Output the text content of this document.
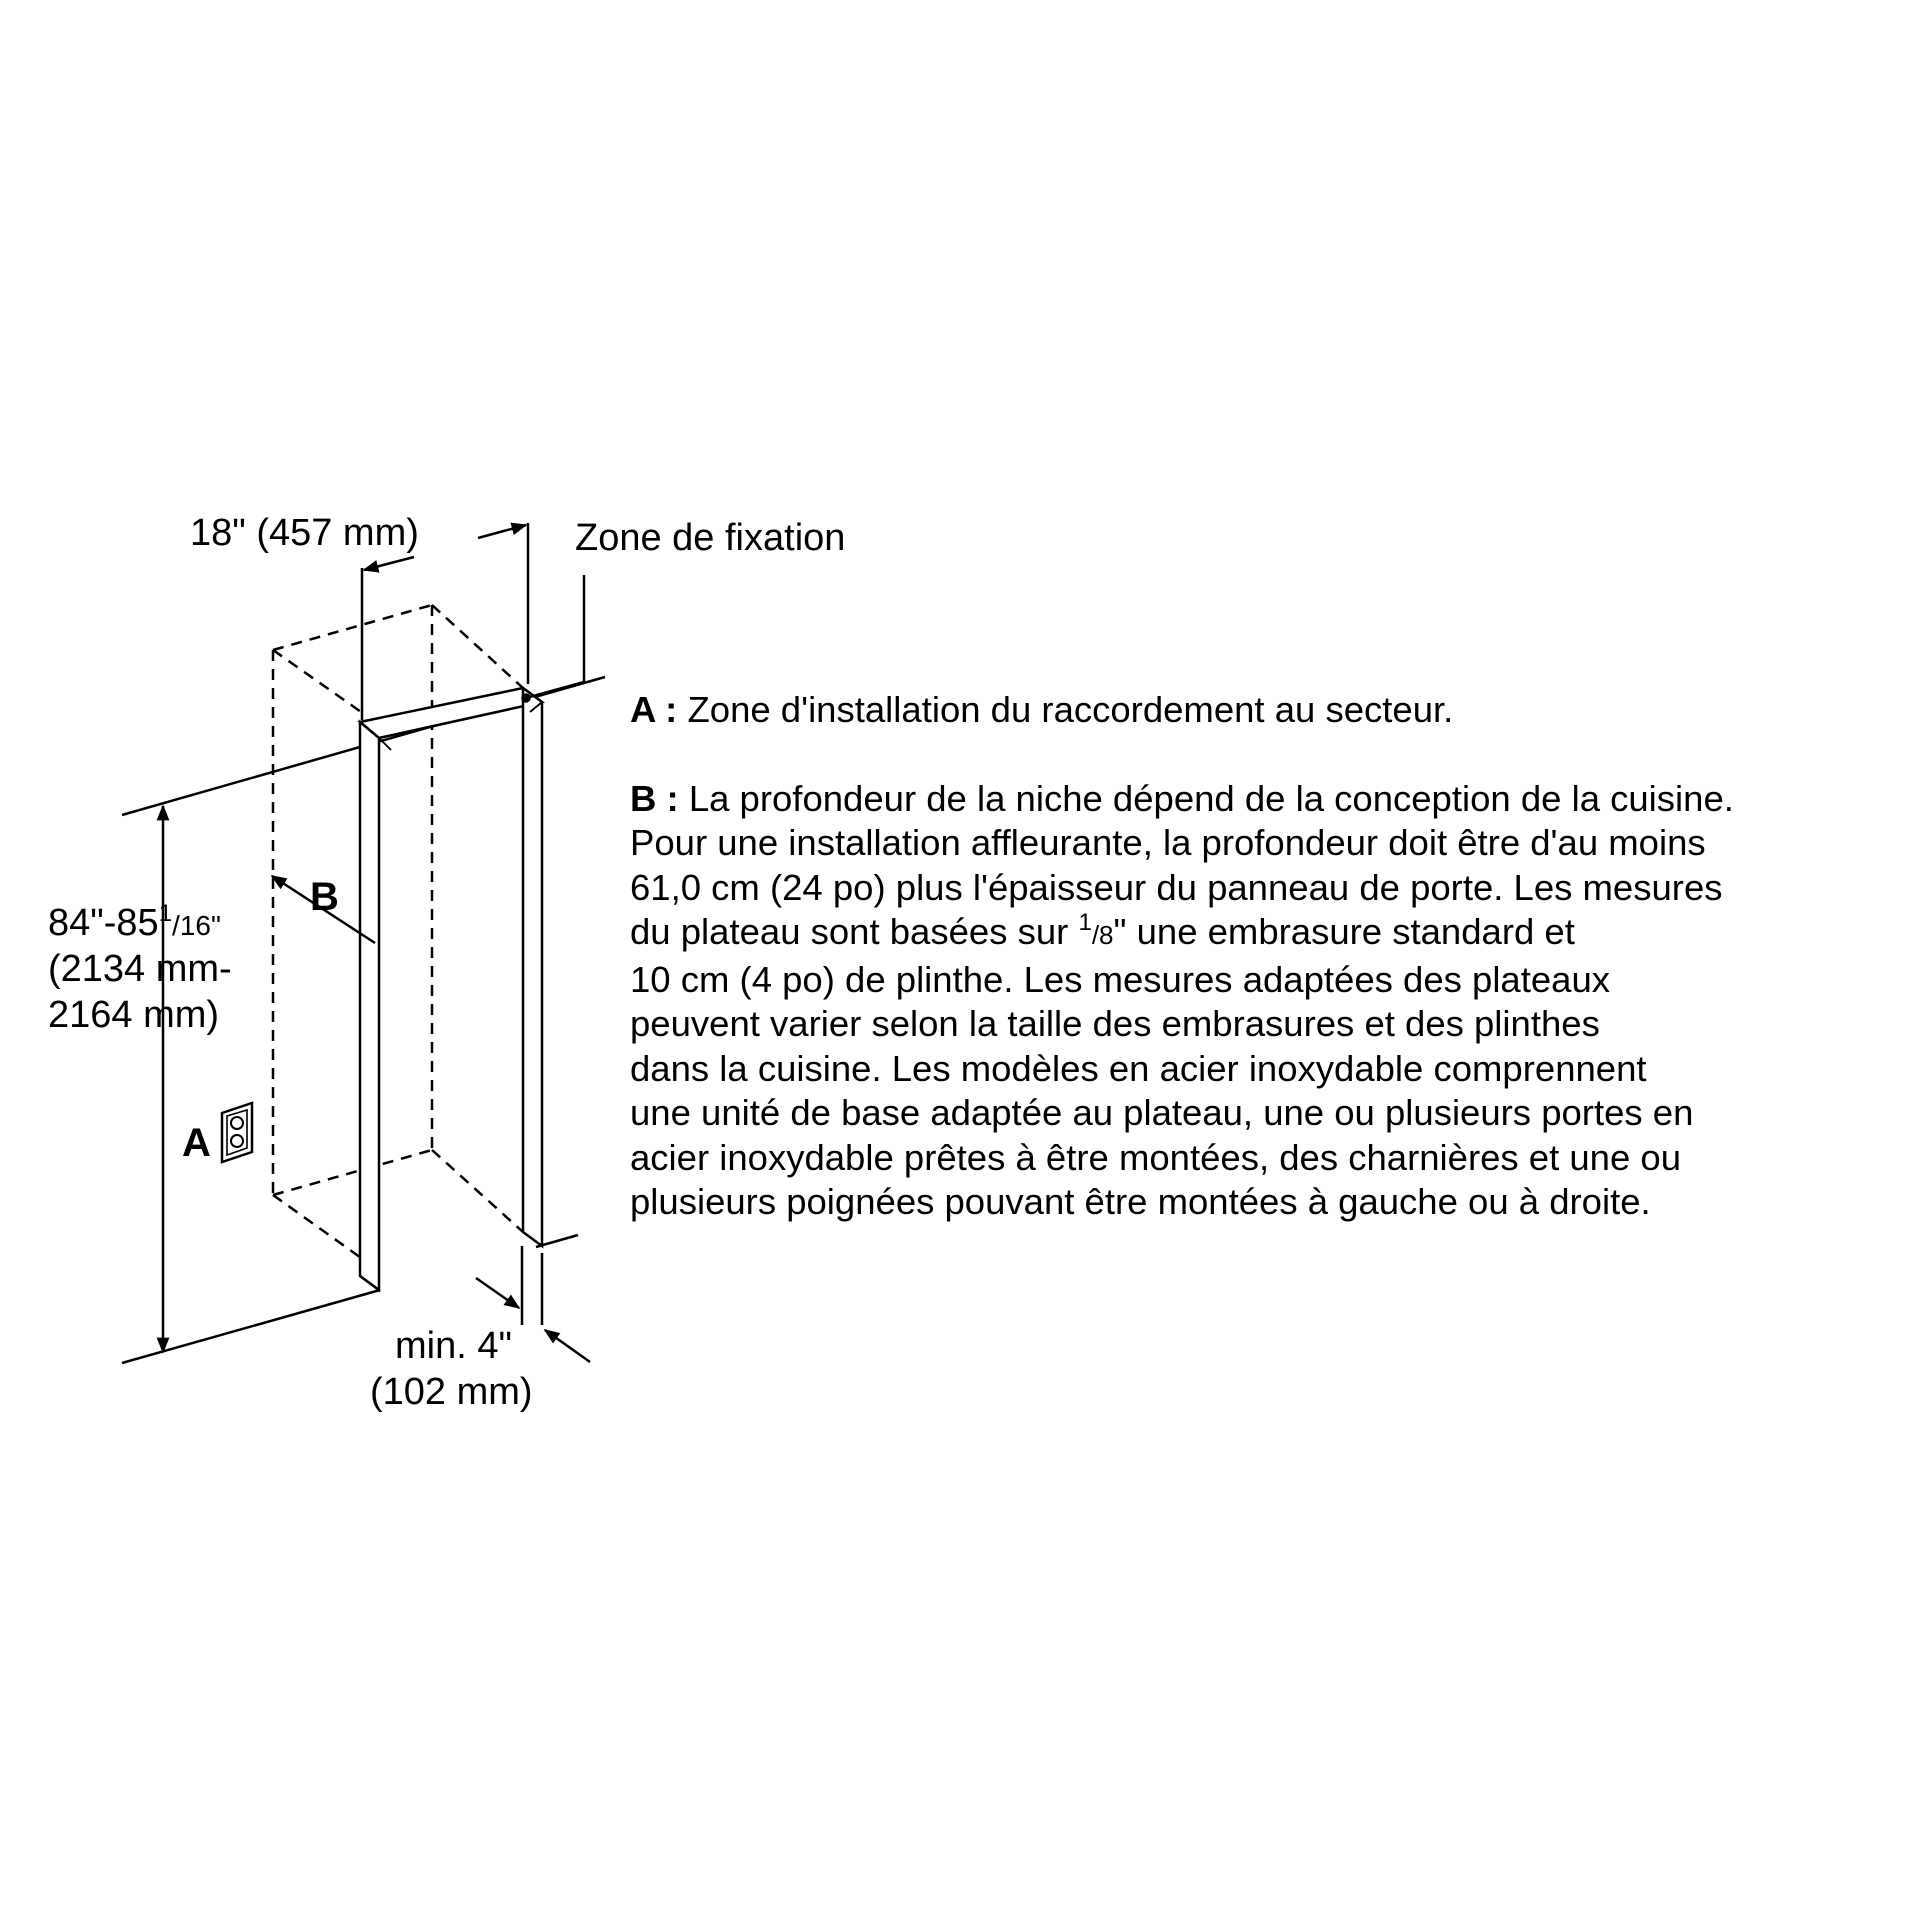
18" (457 mm)	Zone de fixation
$84"-85^1_{/16"}$
(2134 mm-
2164 mm)
B
A
min. 4"
(102 mm)

A : Zone d'installation du raccordement au secteur.

B : La profondeur de la niche dépend de la conception de la cuisine.
Pour une installation affleurante, la profondeur doit être d'au moins
61,0 cm (24 po) plus l'épaisseur du panneau de porte. Les mesures
du plateau sont basées sur $^1$/8" une embrasure standard et
10 cm (4 po) de plinthe. Les mesures adaptées des plateaux
peuvent varier selon la taille des embrasures et des plinthes
dans la cuisine. Les modèles en acier inoxydable comprennent
une unité de base adaptée au plateau, une ou plusieurs portes en
acier inoxydable prêtes à être montées, des charnières et une ou
plusieurs poignées pouvant être montées à gauche ou à droite.
